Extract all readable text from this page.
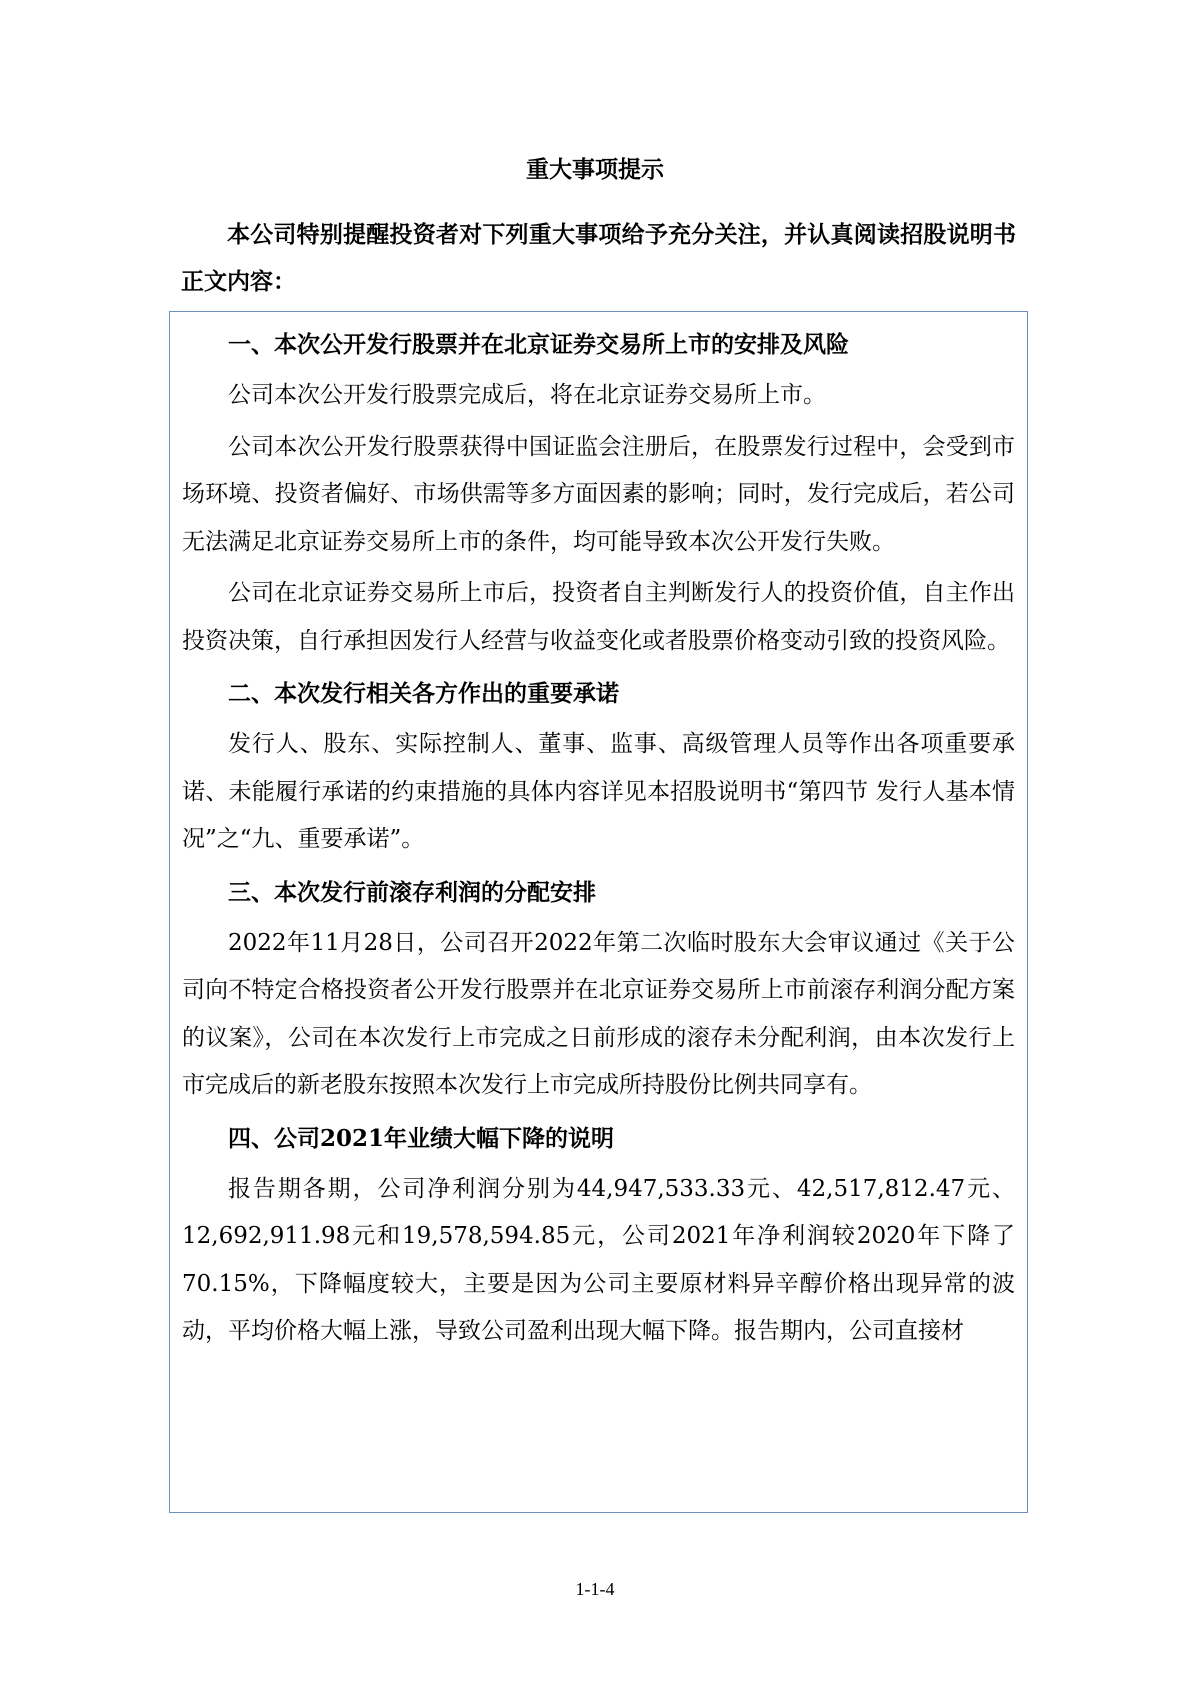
重大事项提示

本公司特别提醒投资者对下列重大事项给予充分关注，并认真阅读招股说明书正文内容：

一、本次公开发行股票并在北京证券交易所上市的安排及风险

公司本次公开发行股票完成后，将在北京证券交易所上市。

公司本次公开发行股票获得中国证监会注册后，在股票发行过程中，会受到市场环境、投资者偏好、市场供需等多方面因素的影响；同时，发行完成后，若公司无法满足北京证券交易所上市的条件，均可能导致本次公开发行失败。

公司在北京证券交易所上市后，投资者自主判断发行人的投资价值，自主作出投资决策，自行承担因发行人经营与收益变化或者股票价格变动引致的投资风险。

二、本次发行相关各方作出的重要承诺

发行人、股东、实际控制人、董事、监事、高级管理人员等作出各项重要承诺、未能履行承诺的约束措施的具体内容详见本招股说明书“第四节 发行人基本情况”之“九、重要承诺”。

三、本次发行前滚存利润的分配安排

2022年11月28日，公司召开2022年第二次临时股东大会审议通过《关于公司向不特定合格投资者公开发行股票并在北京证券交易所上市前滚存利润分配方案的议案》，公司在本次发行上市完成之日前形成的滚存未分配利润，由本次发行上市完成后的新老股东按照本次发行上市完成所持股份比例共同享有。

四、公司2021年业绩大幅下降的说明

报告期各期，公司净利润分别为44,947,533.33元、42,517,812.47元、12,692,911.98元和19,578,594.85元，公司2021年净利润较2020年下降了70.15%，下降幅度较大，主要是因为公司主要原材料异辛醇价格出现异常的波动，平均价格大幅上涨，导致公司盈利出现大幅下降。报告期内，公司直接材

1-1-4
